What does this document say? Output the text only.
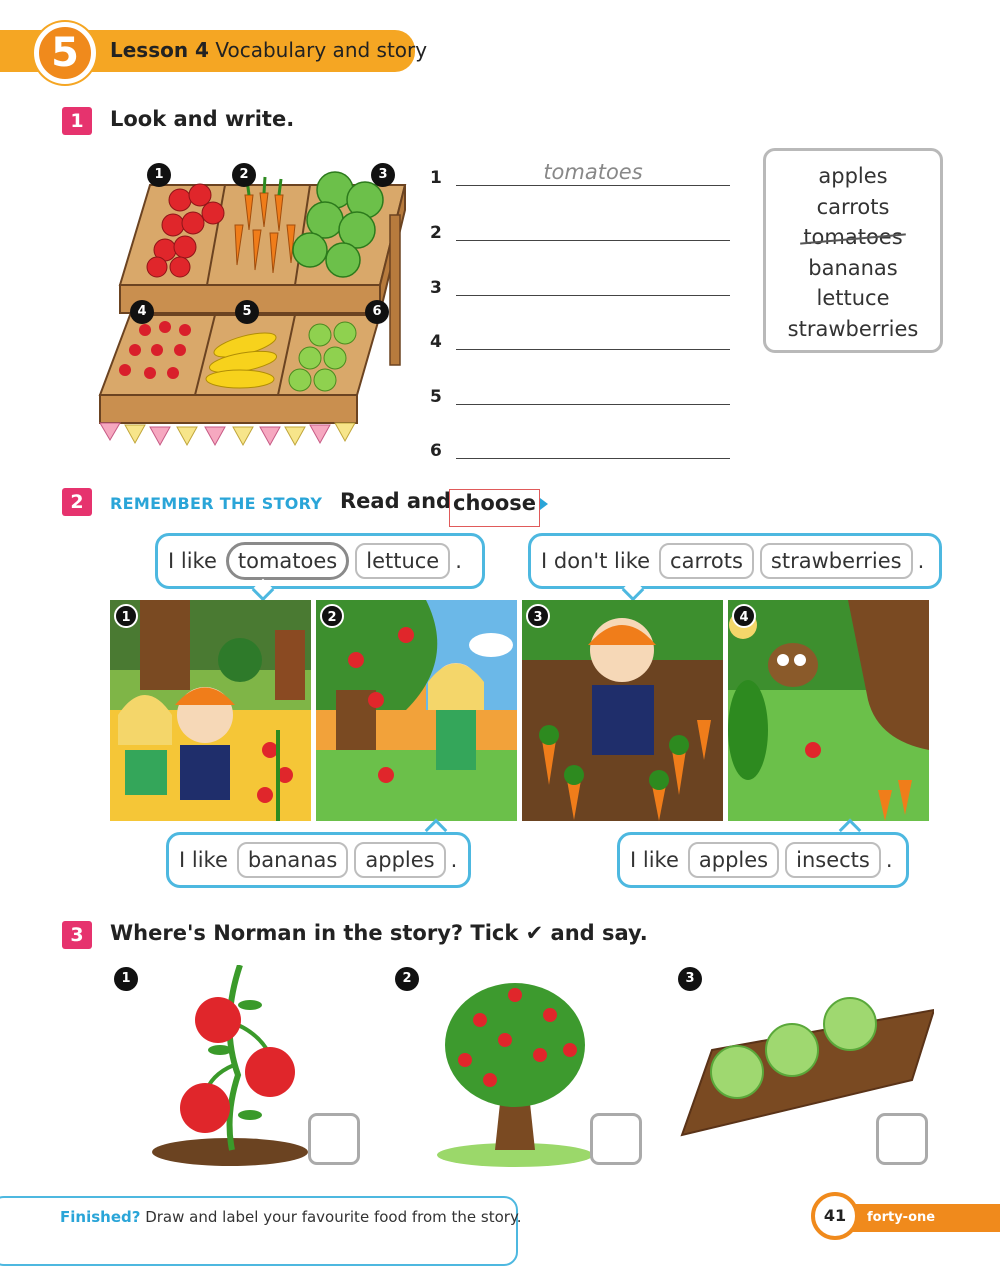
5	Lesson 4 Vocabulary and story
1	Look and write.
1	2	3
4	5	6
1	tomatoes
2
3
4
5
6
apples
carrots
tomatoes
bananas
lettuce
strawberries
2	REMEMBER THE STORY Read and choose
I like	tomatoes	lettuce .	I don't like carrots	strawberries .
1	2	3	4
I like bananas	apples .	I like apples	insects .
3	Where's Norman in the story? Tick ✔ and say.
1	2	3
Finished? Draw and label your favourite food from the story.	41	forty-one
